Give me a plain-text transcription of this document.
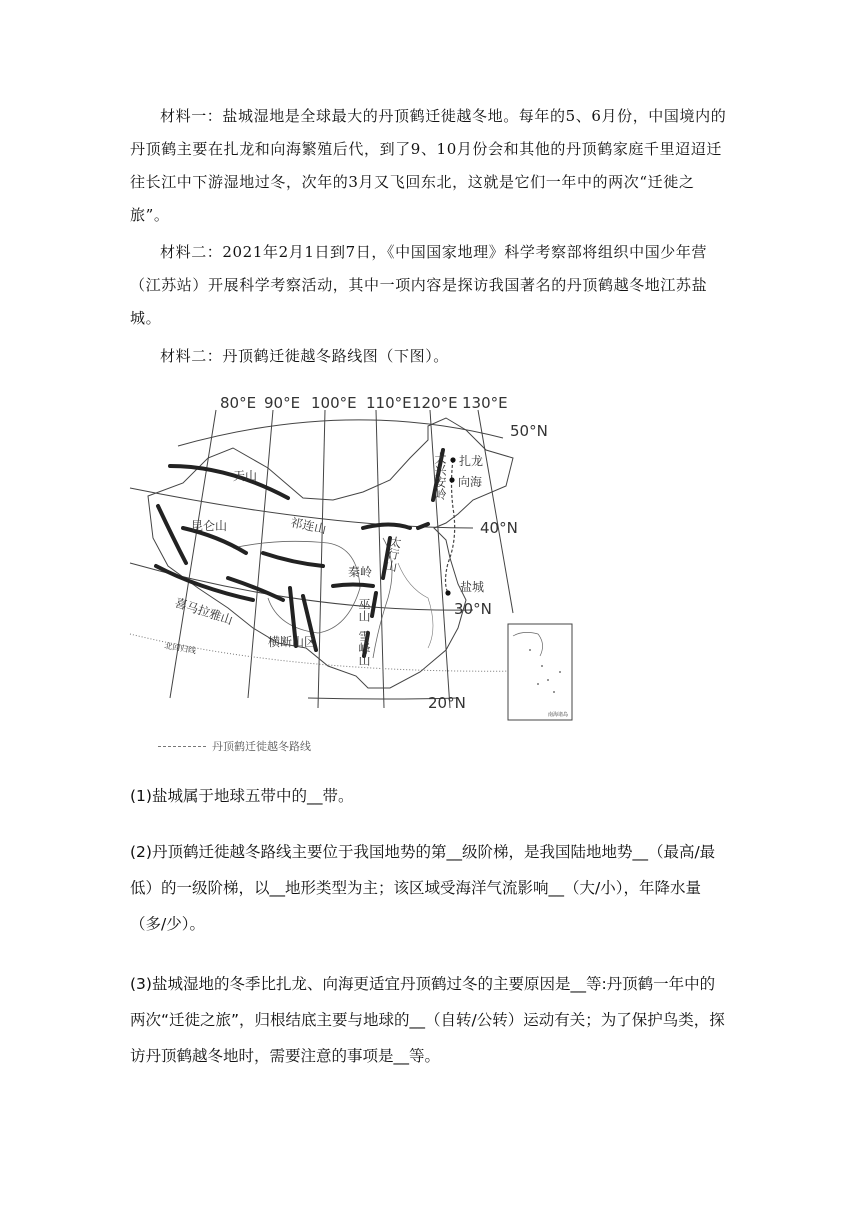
材料一：盐城湿地是全球最大的丹顶鹤迁徙越冬地。每年的5、6月份，中国境内的丹顶鹤主要在扎龙和向海繁殖后代，到了9、10月份会和其他的丹顶鹤家庭千里迢迢迁往长江中下游湿地过冬，次年的3月又飞回东北，这就是它们一年中的两次“迁徙之旅”。

材料二：2021年2月1日到7日，《中国国家地理》科学考察部将组织中国少年营（江苏站）开展科学考察活动，其中一项内容是探访我国著名的丹顶鹤越冬地江苏盐城。

材料二：丹顶鹤迁徙越冬路线图（下图）。

80°E 90°E 100°E 110°E 120°E 130°E
50°N
40°N
30°N
20°N
天山
昆仑山	祁连山
喜马拉雅山
横断山区
秦岭
巫山
雪峰山
太行山
大兴安岭 扎龙
向海
盐城
北回归线
南海诸岛
丹顶鹤迁徙越冬路线

(1)盐城属于地球五带中的__带。

(2)丹顶鹤迁徙越冬路线主要位于我国地势的第__级阶梯，是我国陆地地势__（最高/最低）的一级阶梯，以__地形类型为主；该区域受海洋气流影响__（大/小），年降水量（多/少）。

(3)盐城湿地的冬季比扎龙、向海更适宜丹顶鹤过冬的主要原因是__等:丹顶鹤一年中的两次“迁徙之旅”，归根结底主要与地球的__（自转/公转）运动有关；为了保护鸟类，探访丹顶鹤越冬地时，需要注意的事项是__等。
